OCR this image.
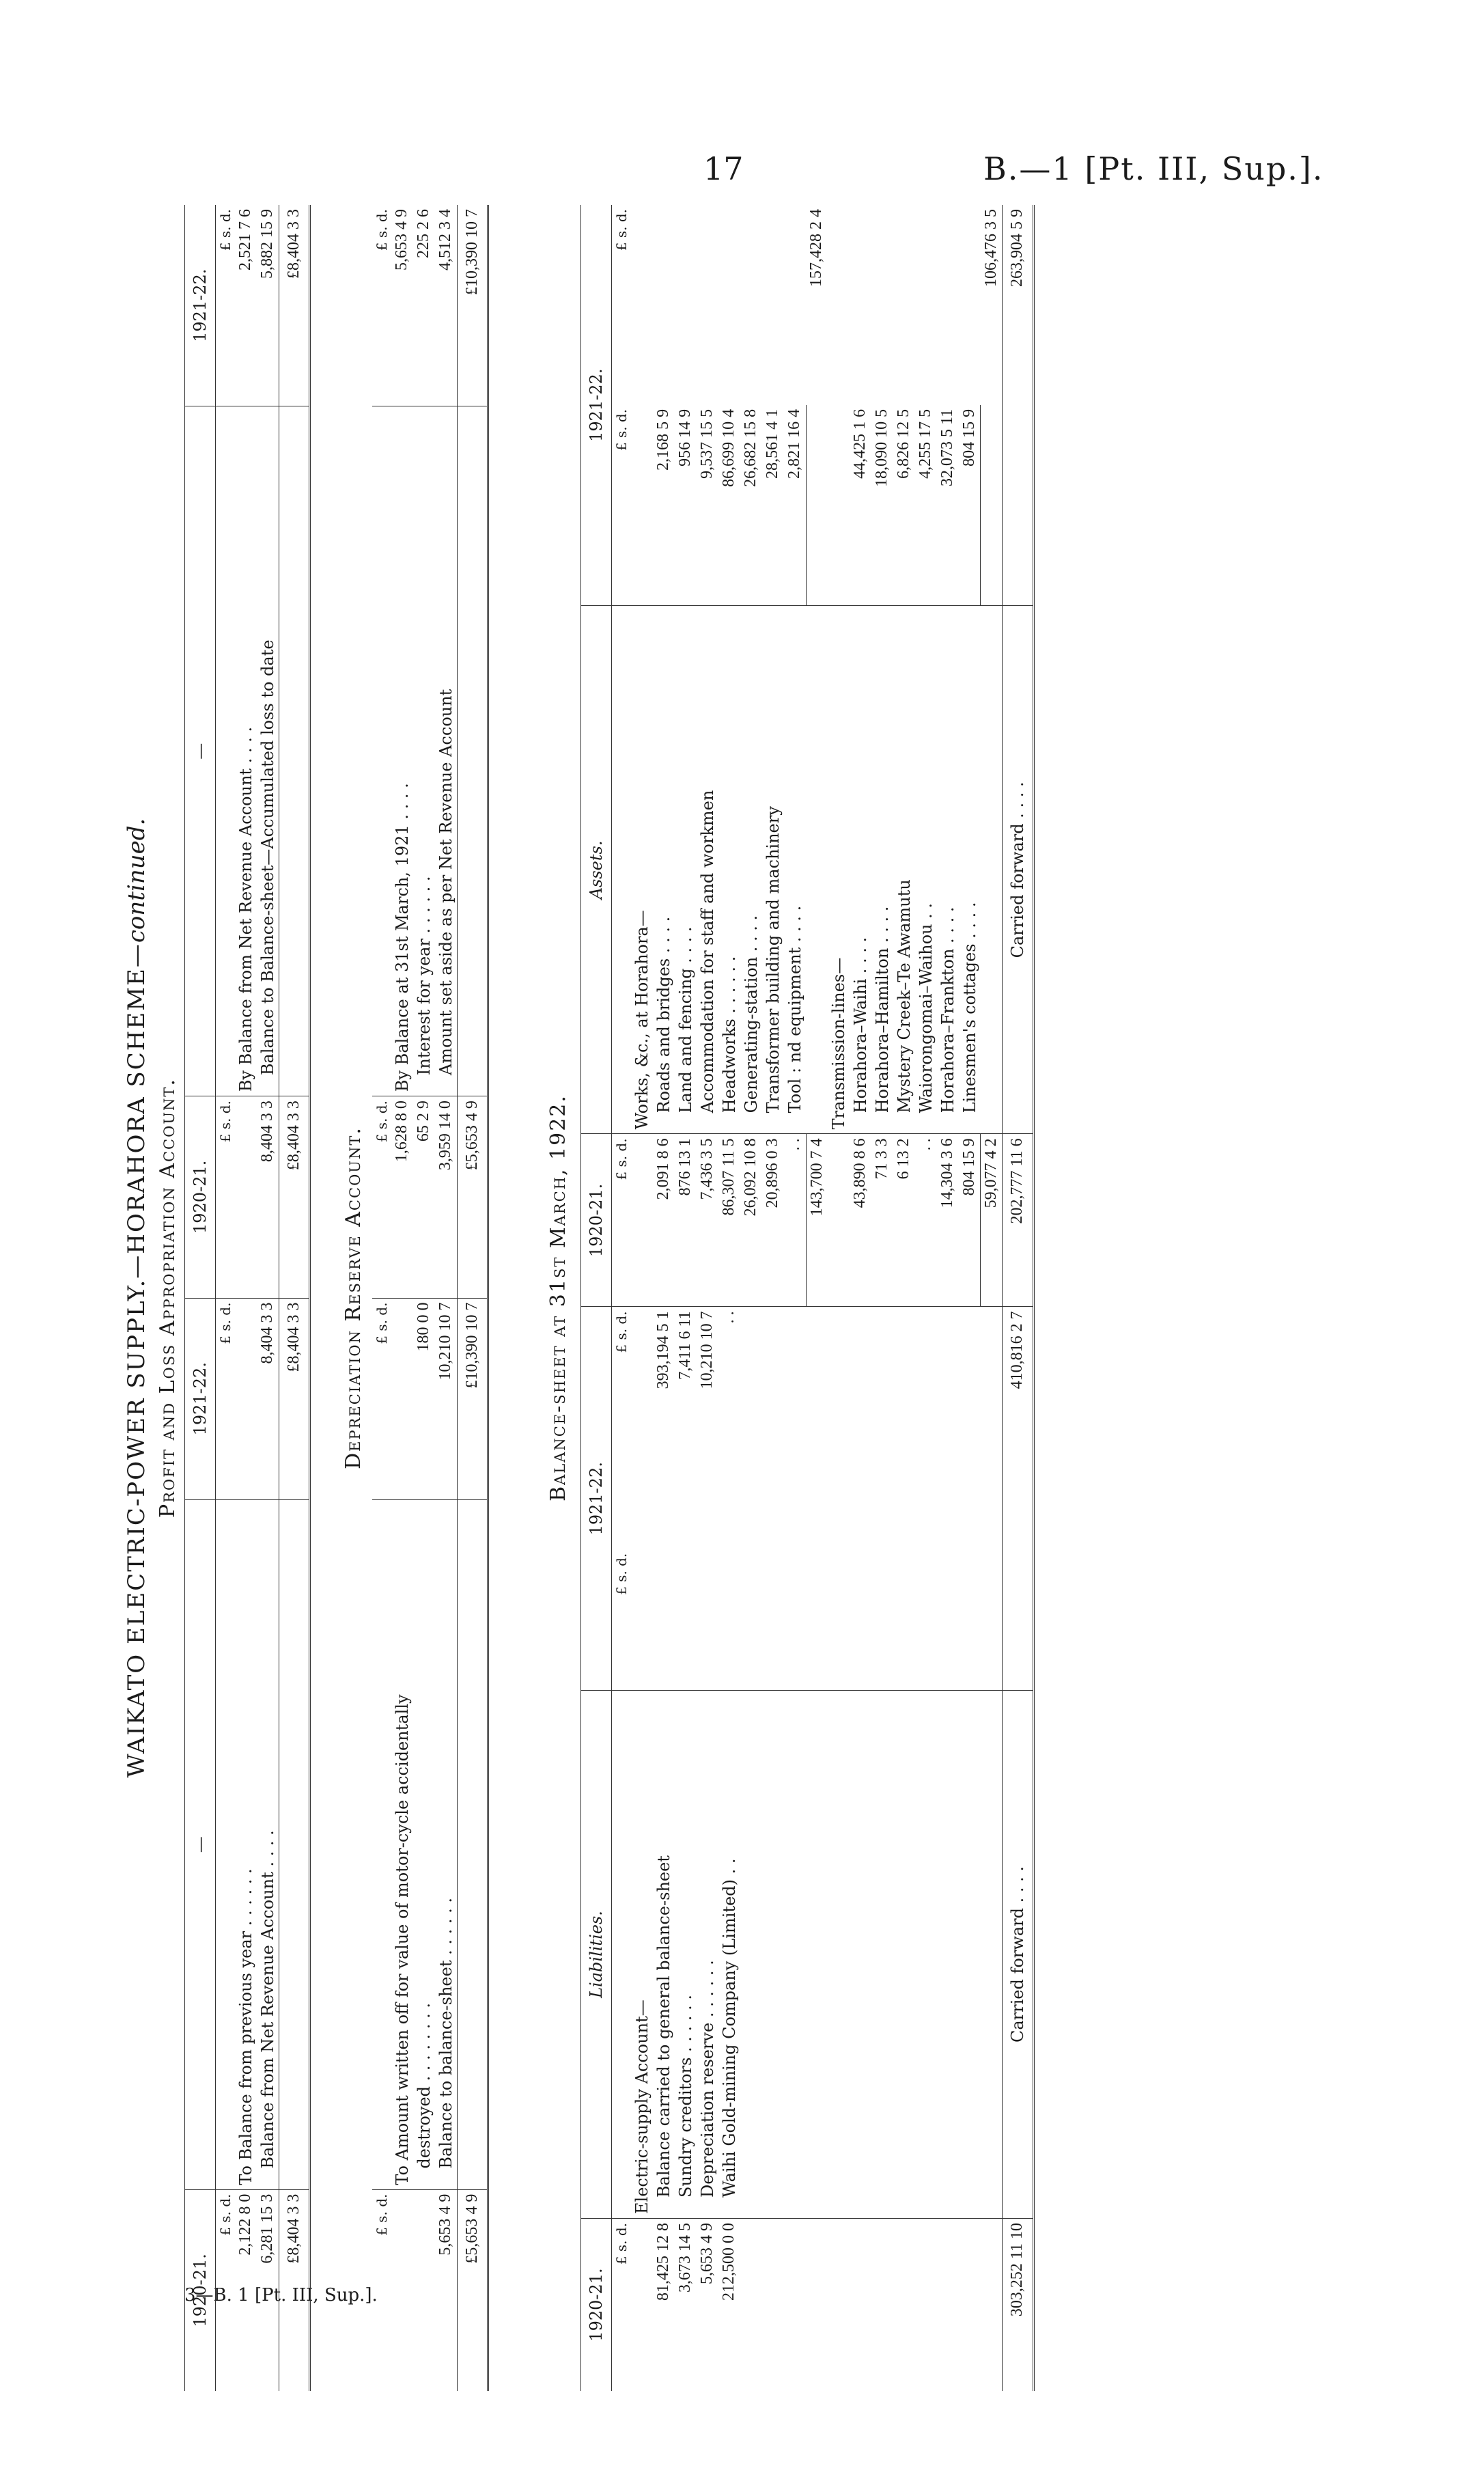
17	B.—1 [Pt. III, Sup.].
3—B. 1 [Pt. III, Sup.].
WAIKATO ELECTRIC-POWER SUPPLY.—HORAHORA SCHEME—continued.
Profit and Loss Appropriation Account.
1920-21.	—	1921-22.	1920-21.	—	1921-22.
£ s. d.		£ s. d.	£ s. d.		£ s. d.
2,122 8 0	To Balance from previous year . . . . . .			By Balance from Net Revenue Account . . . .	2,521 7 6
6,281 15 3	Balance from Net Revenue Account . . . .	8,404 3 3	8,404 3 3	Balance to Balance-sheet—Accumulated loss to date	5,882 15 9
£8,404 3 3		£8,404 3 3	£8,404 3 3		£8,404 3 3
Depreciation Reserve Account.
£ s. d.		£ s. d.	£ s. d.		£ s. d.
	To Amount written off for value of motor-cycle accidentally		1,628 8 0	By Balance at 31st March, 1921 . . . .	5,653 4 9
	destroyed . . . . . . . .	180 0 0	65 2 9	Interest for year . . . . . .	225 2 6
5,653 4 9	Balance to balance-sheet . . . . . .	10,210 10 7	3,959 14 0	Amount set aside as per Net Revenue Account	4,512 3 4
£5,653 4 9		£10,390 10 7	£5,653 4 9		£10,390 10 7
Balance-sheet at 31st March, 1922.
1920-21.	Liabilities.	1921-22.		1920-21.	Assets.	1921-22.	
£ s. d.		£ s. d.	£ s. d.	£ s. d.		£ s. d.	£ s. d.
	Electric-supply Account—				Works, &c., at Horahora—		
81,425 12 8	Balance carried to general balance-sheet		393,194 5 1	2,091 8 6	Roads and bridges . . . .	2,168 5 9	
3,673 14 5	Sundry creditors . . . . . .		7,411 6 11	876 13 1	Land and fencing . . . .	956 14 9	
5,653 4 9	Depreciation reserve . . . . . .		10,210 10 7	7,436 3 5	Accommodation for staff and workmen	9,537 15 5	
212,500 0 0	Waihi Gold-mining Company (Limited) . .		. .	86,307 11 5	Headworks . . . . . .	86,699 10 4	
				26,092 10 8	Generating-station . . . .	26,682 15 8	
				20,896 0 3	Transformer building and machinery	28,561 4 1	
				. .	Tool : nd equipment . . . .	2,821 16 4	
				143,700 7 4			157,428 2 4
					Transmission-lines—		
				43,890 8 6	Horahora–Waihi . . . .	44,425 1 6	
				71 3 3	Horahora–Hamilton . . . .	18,090 10 5	
				6 13 2	Mystery Creek–Te Awamutu	6,826 12 5	
				. .	Waiorongomai–Waihou . .	4,255 17 5	
				14,304 3 6	Horahora–Frankton . . . .	32,073 5 11	
				804 15 9	Linesmen's cottages . . . .	804 15 9	
				59,077 4 2			106,476 3 5
303,252 11 10	Carried forward . . . .		410,816 2 7	202,777 11 6	Carried forward . . . .		263,904 5 9
